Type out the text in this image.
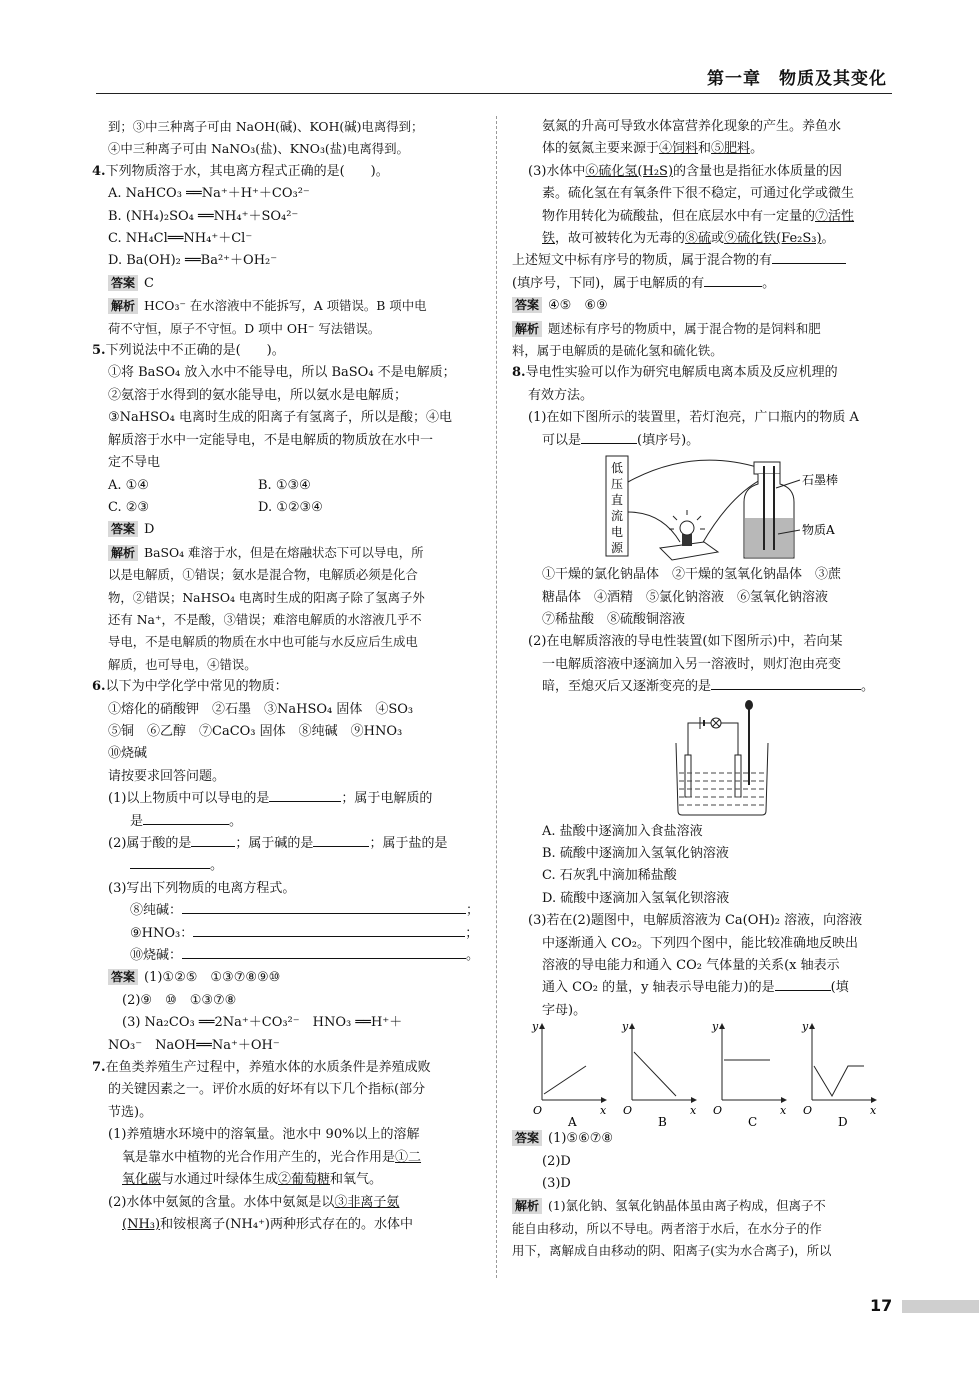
第一章　物质及其变化
到；③中三种离子可由 NaOH(碱)、KOH(碱)电离得到；
④中三种离子可由 NaNO₃(盐)、KNO₃(盐)电离得到。
4.下列物质溶于水，其电离方程式正确的是(　　)。
A. NaHCO₃ ══Na⁺＋H⁺＋CO₃²⁻
B. (NH₄)₂SO₄ ══NH₄⁺＋SO₄²⁻
C. NH₄Cl══NH₄⁺＋Cl⁻
D. Ba(OH)₂ ══Ba²⁺＋OH₂⁻
答案 C
解析 HCO₃⁻ 在水溶液中不能拆写，A 项错误。B 项中电
荷不守恒，原子不守恒。D 项中 OH⁻ 写法错误。
5.下列说法中不正确的是(　　)。
①将 BaSO₄ 放入水中不能导电，所以 BaSO₄ 不是电解质；
②氨溶于水得到的氨水能导电，所以氨水是电解质；
③NaHSO₄ 电离时生成的阳离子有氢离子，所以是酸；④电
解质溶于水中一定能导电，不是电解质的物质放在水中一
定不导电
A. ①④	B. ①③④
C. ②③	D. ①②③④
答案 D
解析 BaSO₄ 难溶于水，但是在熔融状态下可以导电，所
以是电解质，①错误；氨水是混合物，电解质必须是化合
物，②错误；NaHSO₄ 电离时生成的阳离子除了氢离子外
还有 Na⁺，不是酸，③错误；难溶电解质的水溶液几乎不
导电，不是电解质的物质在水中也可能与水反应后生成电
解质，也可导电，④错误。
6.以下为中学化学中常见的物质：
①熔化的硝酸钾　②石墨　③NaHSO₄ 固体　④SO₃
⑤铜　⑥乙醇　⑦CaCO₃ 固体　⑧纯碱　⑨HNO₃
⑩烧碱
请按要求回答问题。
(1)以上物质中可以导电的是	；属于电解质的
是	。
(2)属于酸的是	；属于碱的是	；属于盐的是
。
(3)写出下列物质的电离方程式。
⑧纯碱：	；
⑨HNO₃：	；
⑩烧碱：	。
答案 (1)①②⑤　①③⑦⑧⑨⑩
(2)⑨　⑩　①③⑦⑧
(3) Na₂CO₃ ══2Na⁺＋CO₃²⁻　HNO₃ ══H⁺＋
NO₃⁻　NaOH══Na⁺＋OH⁻
7.在鱼类养殖生产过程中，养殖水体的水质条件是养殖成败
的关键因素之一。评价水质的好坏有以下几个指标(部分
节选)。
(1)养殖塘水环境中的溶氧量。池水中 90%以上的溶解
氧是靠水中植物的光合作用产生的，光合作用是①二
氧化碳与水通过叶绿体生成②葡萄糖和氧气。
(2)水体中氨氮的含量。水体中氨氮是以③非离子氨
(NH₃)和铵根离子(NH₄⁺)两种形式存在的。水体中
氨氮的升高可导致水体富营养化现象的产生。养鱼水
体的氨氮主要来源于④饲料和⑤肥料。
(3)水体中⑥硫化氢(H₂S)的含量也是指征水体质量的因
素。硫化氢在有氧条件下很不稳定，可通过化学或微生
物作用转化为硫酸盐，但在底层水中有一定量的⑦活性
铁，故可被转化为无毒的⑧硫或⑨硫化铁(Fe₂S₃)。
上述短文中标有序号的物质，属于混合物的有
(填序号，下同)，属于电解质的有	。
答案 ④⑤　⑥⑨
解析 题述标有序号的物质中，属于混合物的是饲料和肥
料，属于电解质的是硫化氢和硫化铁。
8.导电性实验可以作为研究电解质电离本质及反应机理的
有效方法。
(1)在如下图所示的装置里，若灯泡亮，广口瓶内的物质 A
可以是	(填序号)。
低
压
直
流
电
源
石墨棒
物质A
①干燥的氯化钠晶体　②干燥的氢氧化钠晶体　③蔗
糖晶体　④酒精　⑤氯化钠溶液　⑥氢氧化钠溶液
⑦稀盐酸　⑧硫酸铜溶液
(2)在电解质溶液的导电性装置(如下图所示)中，若向某
一电解质溶液中逐滴加入另一溶液时，则灯泡由亮变
暗，至熄灭后又逐渐变亮的是	。
A. 盐酸中逐滴加入食盐溶液
B. 硫酸中逐滴加入氢氧化钠溶液
C. 石灰乳中滴加稀盐酸
D. 硫酸中逐滴加入氢氧化钡溶液
(3)若在(2)题图中，电解质溶液为 Ca(OH)₂ 溶液，向溶液
中逐渐通入 CO₂。下列四个图中，能比较准确地反映出
溶液的导电能力和通入 CO₂ 气体量的关系(x 轴表示
通入 CO₂ 的量，y 轴表示导电能力)的是	(填
字母)。
y
x
O
A
y
x
O
B
y
x
O
C
y
x
O
D
答案 (1)⑤⑥⑦⑧
(2)D
(3)D
解析 (1)氯化钠、氢氧化钠晶体虽由离子构成，但离子不
能自由移动，所以不导电。两者溶于水后，在水分子的作
用下，离解成自由移动的阴、阳离子(实为水合离子)，所以
17
